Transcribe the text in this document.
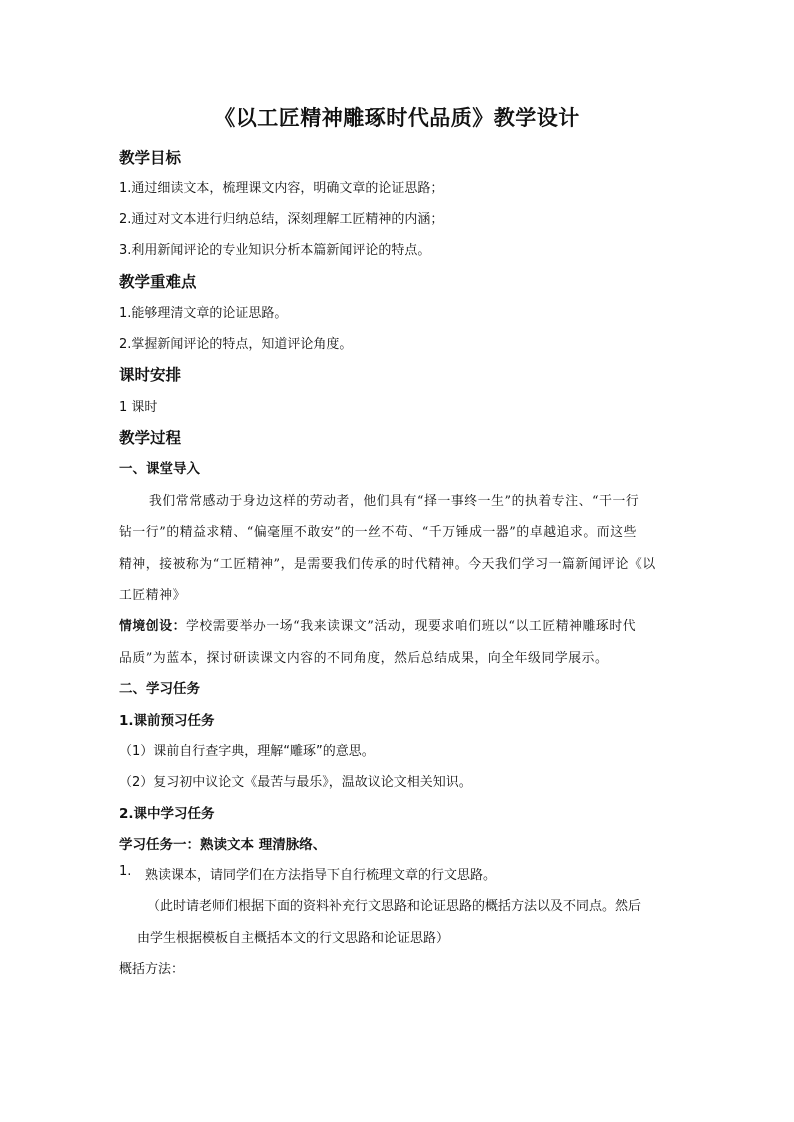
《以工匠精神雕琢时代品质》教学设计
教学目标
1.通过细读文本，梳理课文内容，明确文章的论证思路；
2.通过对文本进行归纳总结，深刻理解工匠精神的内涵；
3.利用新闻评论的专业知识分析本篇新闻评论的特点。
教学重难点
1.能够理清文章的论证思路。
2.掌握新闻评论的特点，知道评论角度。
课时安排
1 课时
教学过程
一、课堂导入
我们常常感动于身边这样的劳动者，他们具有“择一事终一生”的执着专注、“干一行
钻一行”的精益求精、“偏毫厘不敢安”的一丝不苟、“千万锤成一器”的卓越追求。而这些
精神，接被称为“工匠精神”，是需要我们传承的时代精神。今天我们学习一篇新闻评论《以
工匠精神》
情境创设：学校需要举办一场“我来读课文”活动，现要求咱们班以“以工匠精神雕琢时代
品质”为蓝本，探讨研读课文内容的不同角度，然后总结成果，向全年级同学展示。
二、学习任务
1.课前预习任务
（1）课前自行查字典，理解“雕琢”的意思。
（2）复习初中议论文《最苦与最乐》，温故议论文相关知识。
2.课中学习任务
学习任务一：熟读文本 理清脉络、
1. 熟读课本，请同学们在方法指导下自行梳理文章的行文思路。
（此时请老师们根据下面的资料补充行文思路和论证思路的概括方法以及不同点。然后
由学生根据模板自主概括本文的行文思路和论证思路）
概括方法：
